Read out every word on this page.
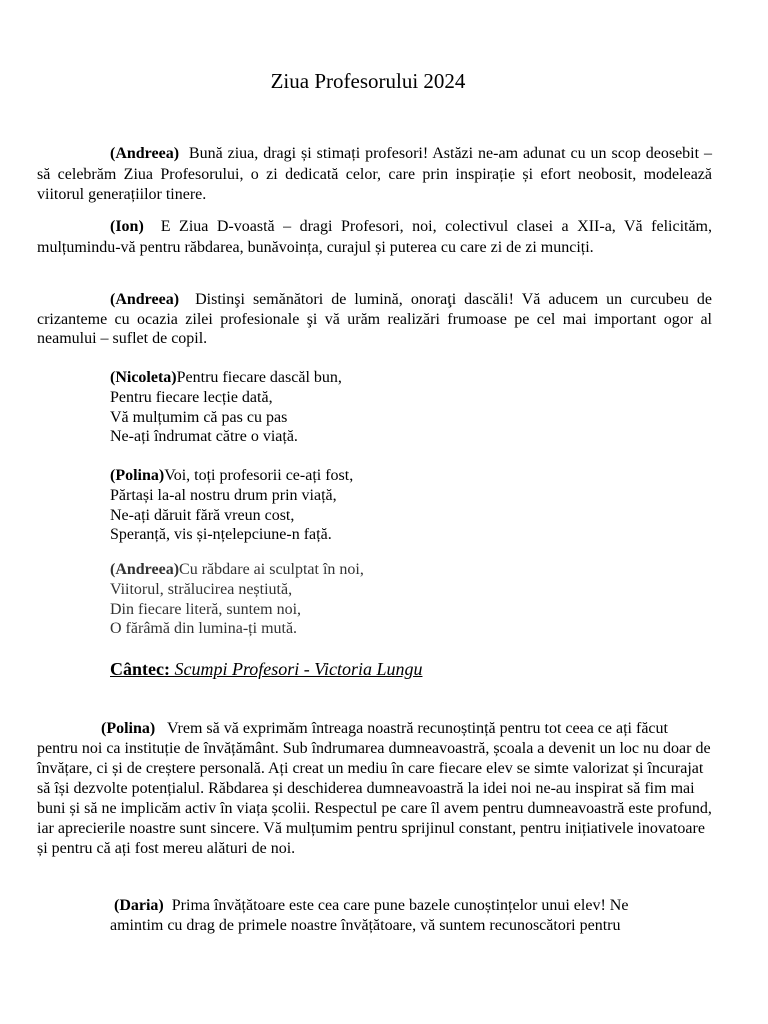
Ziua Profesorului 2024

(Andreea) Bună ziua, dragi și stimați profesori! Astăzi ne-am adunat cu un scop deosebit – să celebrăm Ziua Profesorului, o zi dedicată celor, care prin inspirație și efort neobosit, modelează viitorul generațiilor tinere.

(Ion) E Ziua D-voastă – dragi Profesori, noi, colectivul clasei a XII-a, Vă felicităm, mulțumindu-vă pentru răbdarea, bunăvoința, curajul și puterea cu care zi de zi munciți.

(Andreea) Distinşi semănători de lumină, onoraţi dascăli! Vă aducem un curcubeu de crizanteme cu ocazia zilei profesionale şi vă urăm realizări frumoase pe cel mai important ogor al neamului – suflet de copil.

(Nicoleta)Pentru fiecare dascăl bun,
Pentru fiecare lecție dată,
Vă mulțumim că pas cu pas
Ne-ați îndrumat către o viață.
(Polina)Voi, toți profesorii ce-ați fost,
Părtași la-al nostru drum prin viață,
Ne-ați dăruit fără vreun cost,
Speranță, vis și-nțelepciune-n față.
(Andreea)Cu răbdare ai sculptat în noi,
Viitorul, strălucirea neștiută,
Din fiecare literă, suntem noi,
O fărâmă din lumina-ți mută.
Cântec: Scumpi Profesori - Victoria Lungu

(Polina) Vrem să vă exprimăm întreaga noastră recunoștință pentru tot ceea ce ați făcut pentru noi ca instituție de învățământ. Sub îndrumarea dumneavoastră, școala a devenit un loc nu doar de învățare, ci și de creștere personală. Ați creat un mediu în care fiecare elev se simte valorizat și încurajat să își dezvolte potențialul. Răbdarea și deschiderea dumneavoastră la idei noi ne-au inspirat să fim mai buni și să ne implicăm activ în viața școlii. Respectul pe care îl avem pentru dumneavoastră este profund, iar aprecierile noastre sunt sincere. Vă mulțumim pentru sprijinul constant, pentru inițiativele inovatoare și pentru că ați fost mereu alături de noi.

(Daria) Prima învățătoare este cea care pune bazele cunoștințelor unui elev! Ne
amintim cu drag de primele noastre învățătoare, vă suntem recunoscători pentru
